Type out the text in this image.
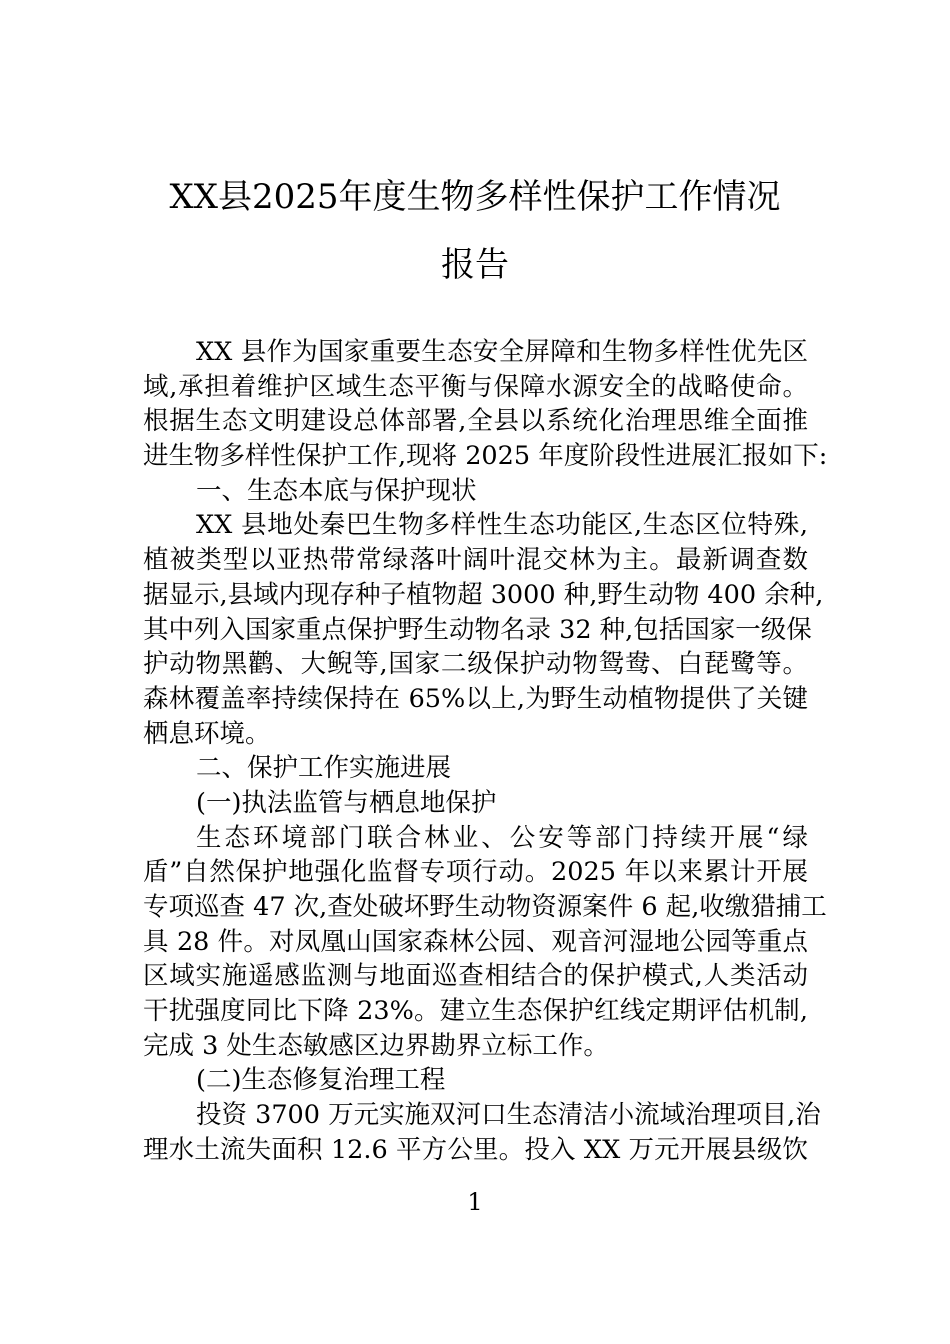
XX县2025年度生物多样性保护工作情况
报告
XX 县作为国家重要生态安全屏障和生物多样性优先区
域,承担着维护区域生态平衡与保障水源安全的战略使命。
根据生态文明建设总体部署,全县以系统化治理思维全面推
进生物多样性保护工作,现将 2025 年度阶段性进展汇报如下:
一、生态本底与保护现状
XX 县地处秦巴生物多样性生态功能区,生态区位特殊,
植被类型以亚热带常绿落叶阔叶混交林为主。最新调查数
据显示,县域内现存种子植物超 3000 种,野生动物 400 余种,
其中列入国家重点保护野生动物名录 32 种,包括国家一级保
护动物黑鹳、大鲵等,国家二级保护动物鸳鸯、白琵鹭等。
森林覆盖率持续保持在 65%以上,为野生动植物提供了关键
栖息环境。
二、保护工作实施进展
(一)执法监管与栖息地保护
生态环境部门联合林业、公安等部门持续开展“绿
盾”自然保护地强化监督专项行动。2025 年以来累计开展
专项巡查 47 次,查处破坏野生动物资源案件 6 起,收缴猎捕工
具 28 件。对凤凰山国家森林公园、观音河湿地公园等重点
区域实施遥感监测与地面巡查相结合的保护模式,人类活动
干扰强度同比下降 23%。建立生态保护红线定期评估机制,
完成 3 处生态敏感区边界勘界立标工作。
(二)生态修复治理工程
投资 3700 万元实施双河口生态清洁小流域治理项目,治
理水土流失面积 12.6 平方公里。投入 XX 万元开展县级饮
1
